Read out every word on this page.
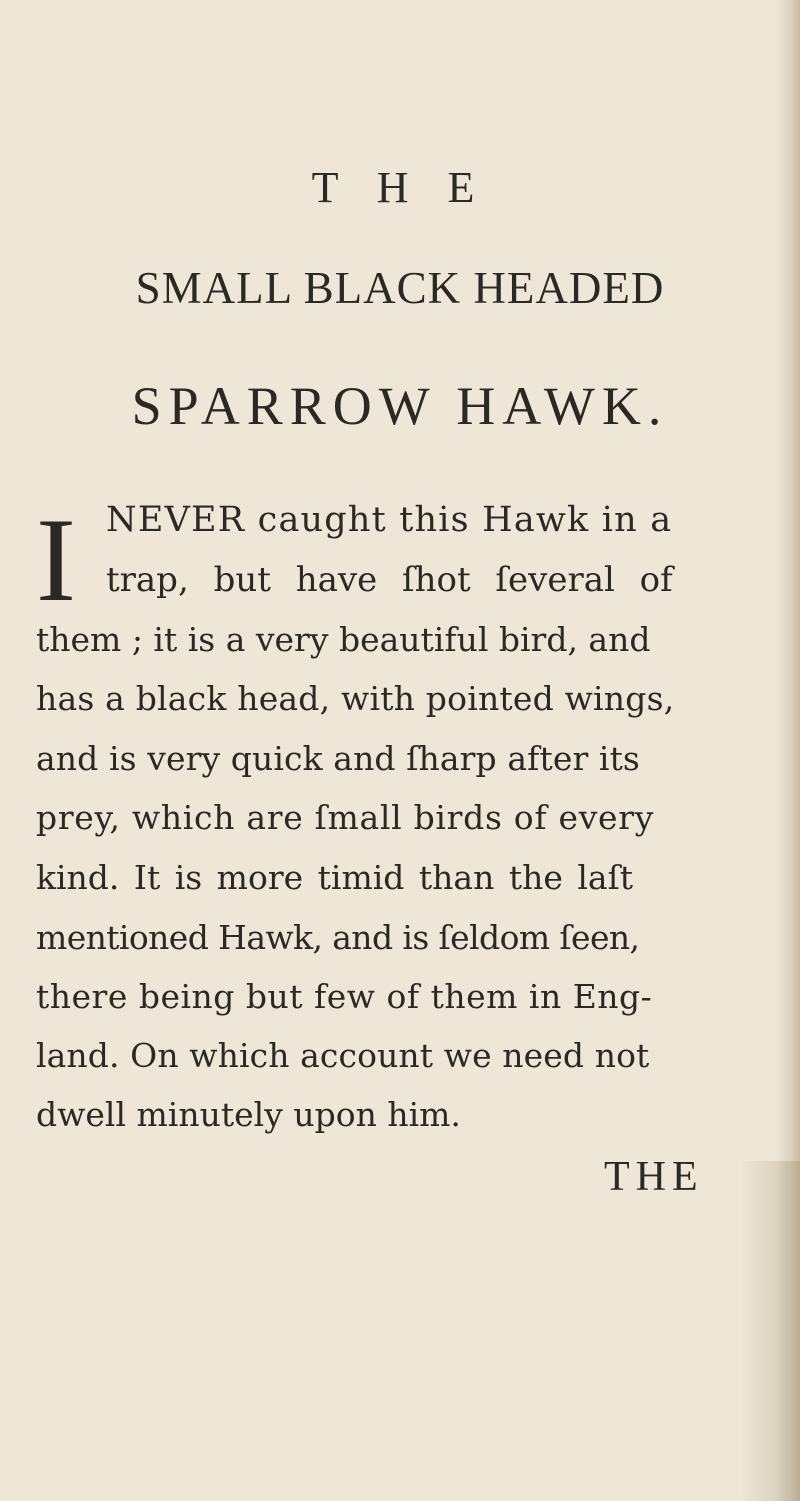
T H E
SMALL BLACK HEADED
SPARROW HAWK.
I NEVER caught this Hawk in a

trap, but have ſhot ſeveral of

them ; it is a very beautiful bird, and

has a black head, with pointed wings,

and is very quick and ſharp after its

prey, which are ſmall birds of every

kind. It is more timid than the laſt

mentioned Hawk, and is ſeldom ſeen,

there being but few of them in Eng-

land. On which account we need not

dwell minutely upon him.

THE
